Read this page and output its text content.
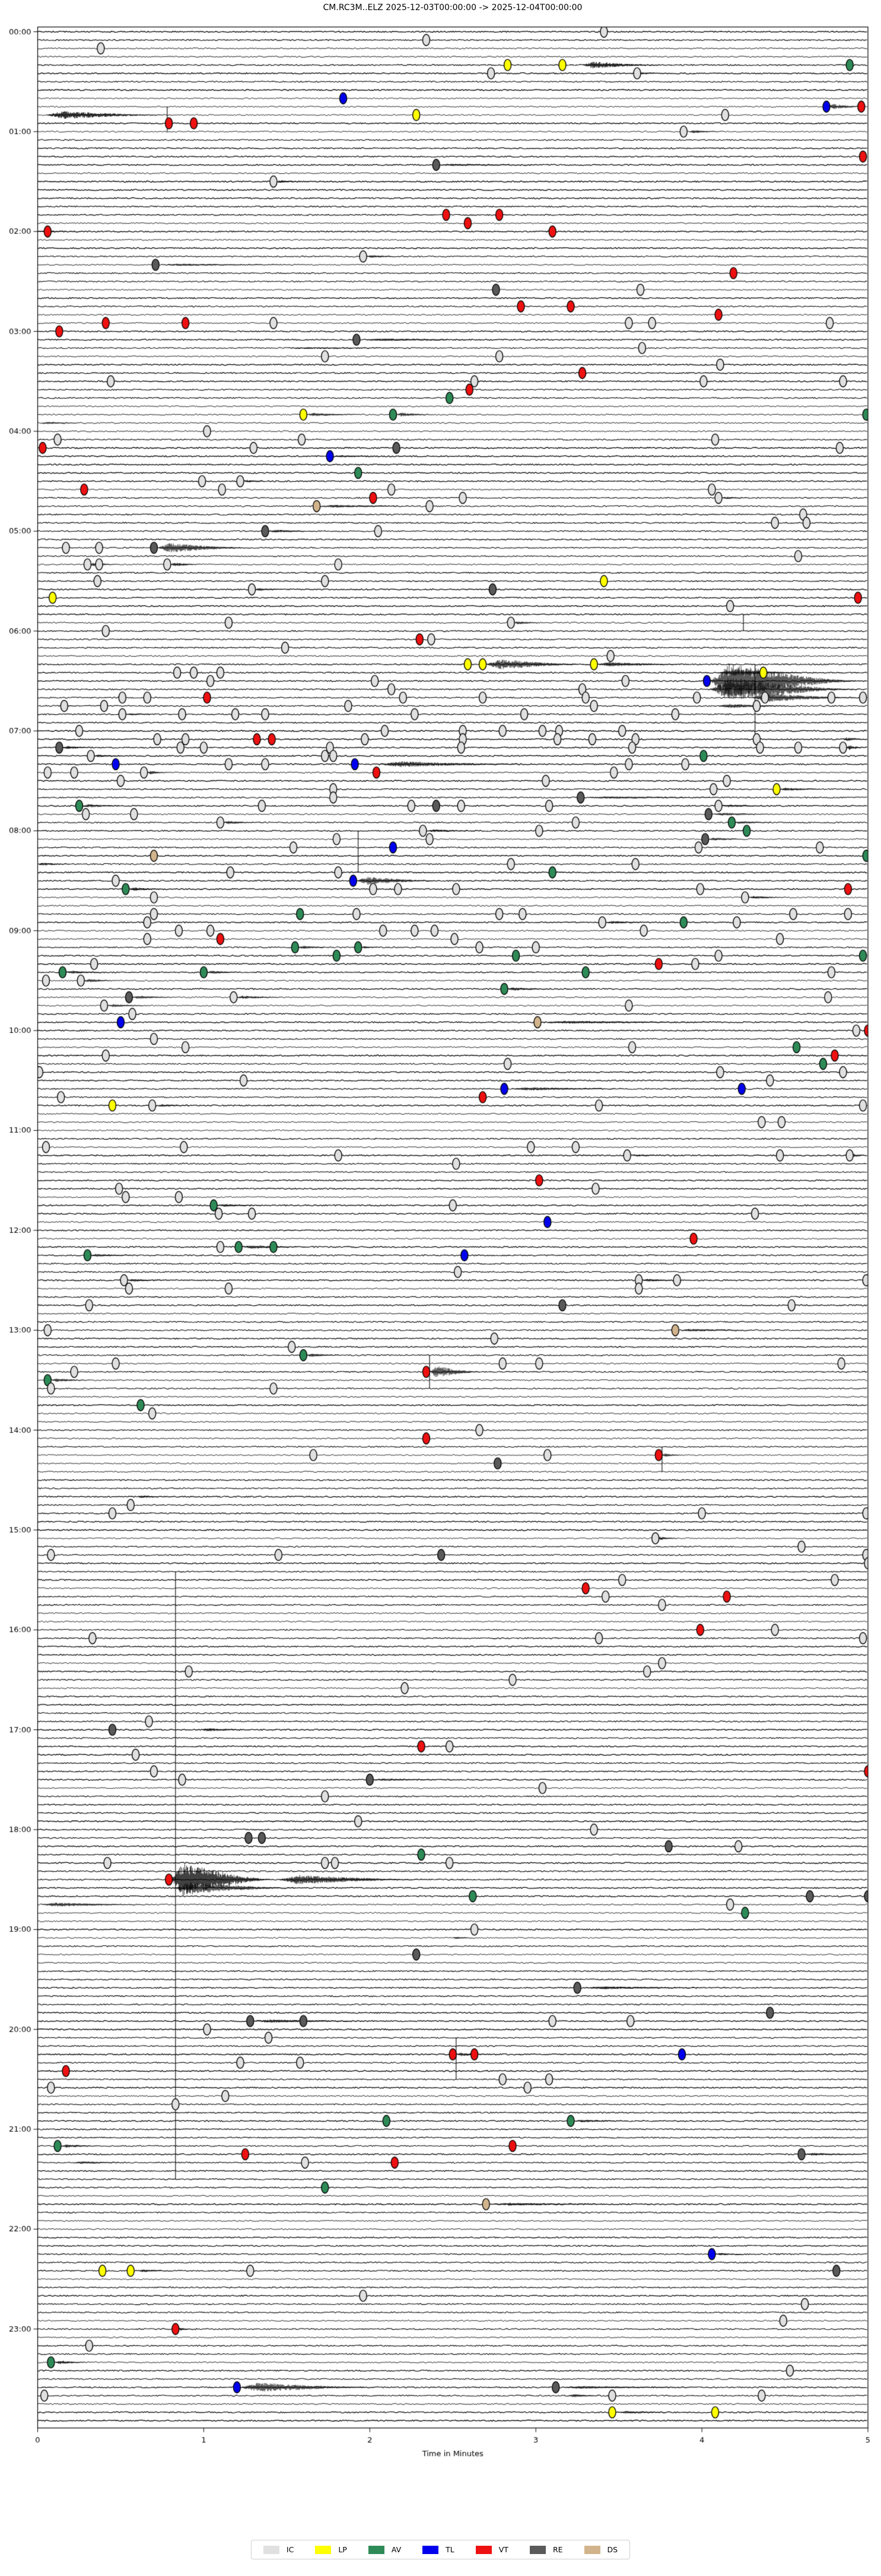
CM.RC3M..ELZ 2025-12-03T00:00:00 -> 2025-12-04T00:00:00
IC	LP	AV	TL	VT	RE	DS
